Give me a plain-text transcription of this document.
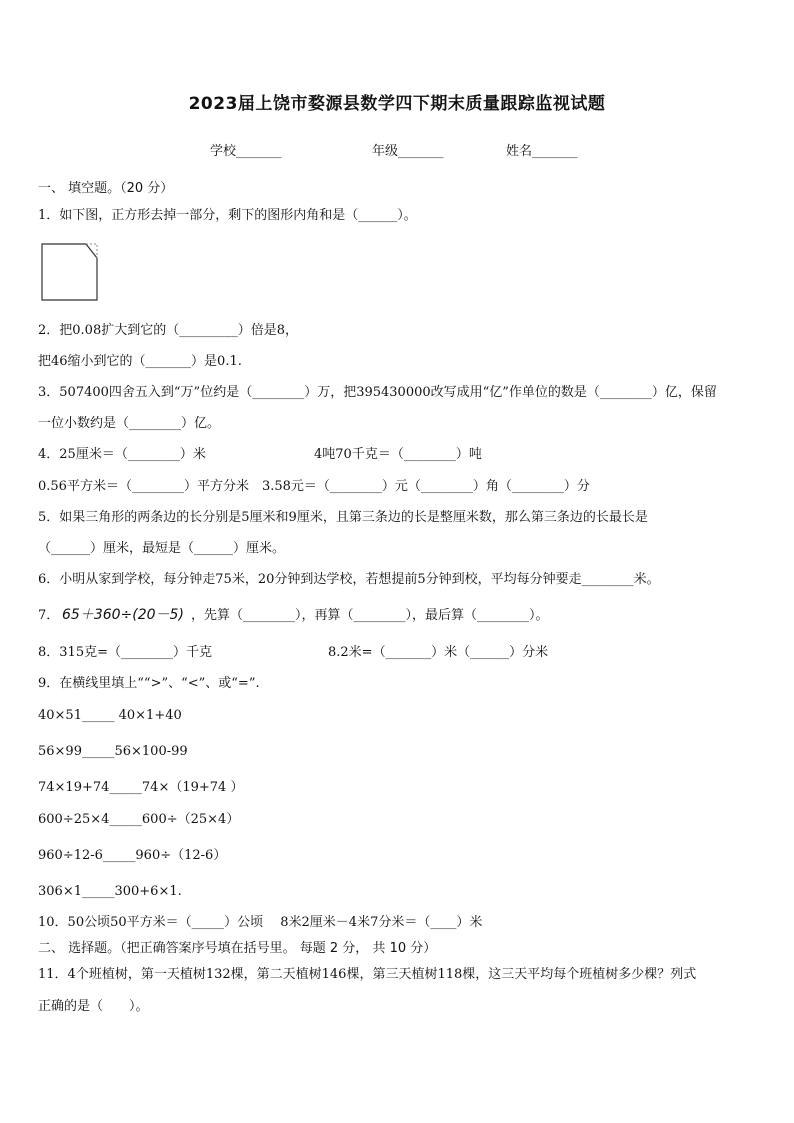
2023届上饶市婺源县数学四下期末质量跟踪监视试题
学校_______	年级_______	姓名_______
一、 填空题。（20 分）
1．如下图，正方形去掉一部分，剩下的图形内角和是（______）。
2．把0.08扩大到它的（_________）倍是8，
把46缩小到它的（_______）是0.1.
3．507400四舍五入到“万”位约是（________）万，把395430000改写成用“亿”作单位的数是（________）亿，保留
一位小数约是（________）亿。
4．25厘米＝（________）米	4吨70千克＝（________）吨
0.56平方米＝（________）平方分米　3.58元＝（________）元（________）角（________）分
5．如果三角形的两条边的长分别是5厘米和9厘米，且第三条边的长是整厘米数，那么第三条边的长最长是
（______）厘米，最短是（______）厘米。
6．小明从家到学校，每分钟走75米，20分钟到达学校，若想提前5分钟到校，平均每分钟要走________米。
7． 65＋360÷(20－5) ，先算（________），再算（________），最后算（________）。
8．315克=（________）千克	8.2米=（_______）米（______）分米
9．在横线里填上““>”、“<”、或“=”.
40×51_____ 40×1+40
56×99_____56×100-99
74×19+74_____74×（19+74 ）
600÷25×4_____600÷（25×4）
960÷12-6_____960÷（12-6）
306×1_____300+6×1.
10．50公顷50平方米＝（_____）公顷　 8米2厘米－4米7分米＝（____）米
二、 选择题。（把正确答案序号填在括号里。 每题 2 分， 共 10 分）
11．4个班植树，第一天植树132棵，第二天植树146棵，第三天植树118棵，这三天平均每个班植树多少棵？列式
正确的是（　　）。
